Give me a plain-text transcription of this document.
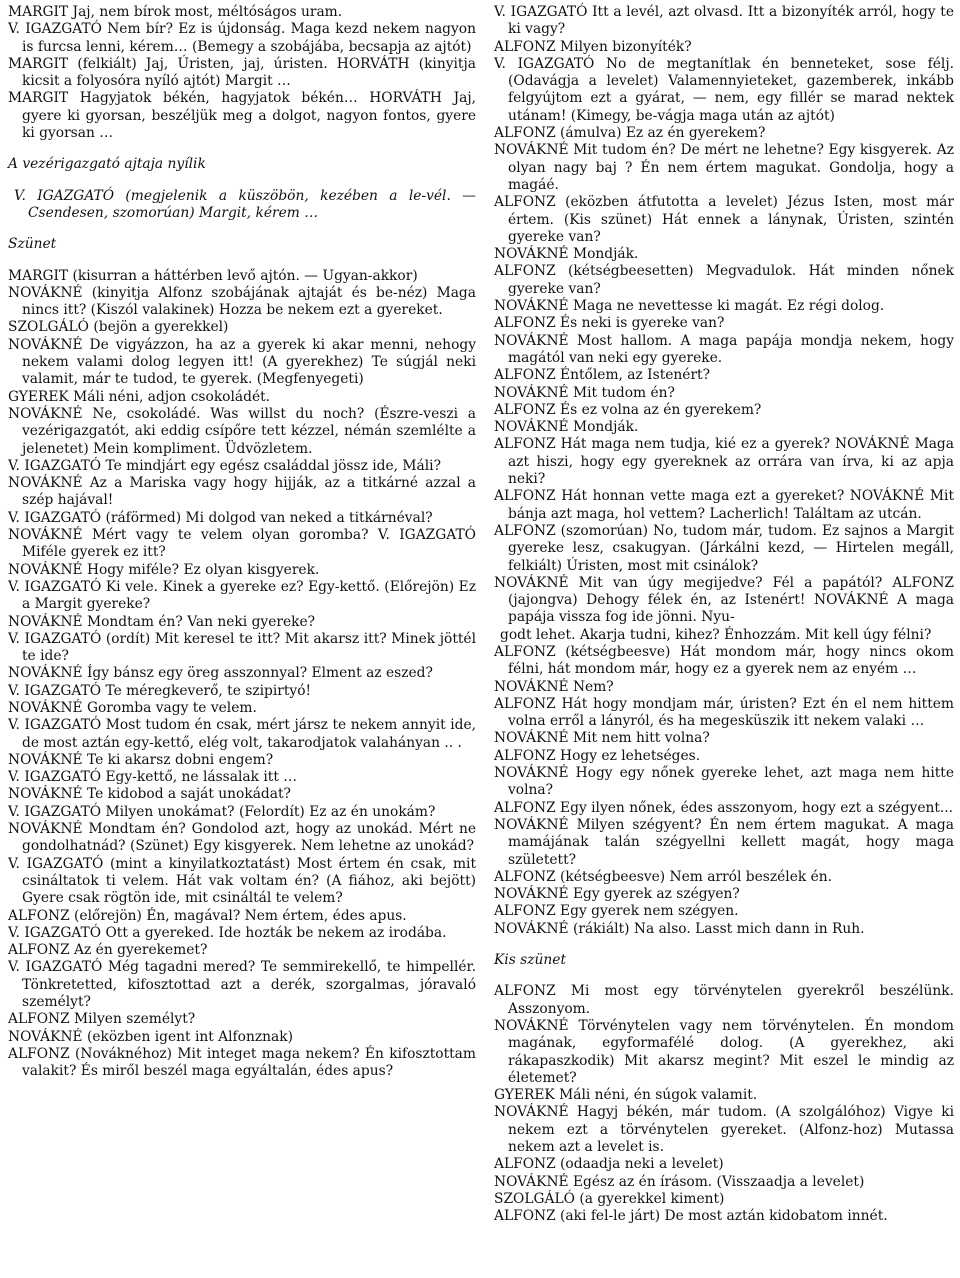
MARGIT Jaj, nem bírok most, méltóságos uram.

V. IGAZGATÓ Nem bír? Ez is újdonság. Maga kezd nekem nagyon is furcsa lenni, kérem… (Bemegy a szobájába, becsapja az ajtót)

MARGIT (felkiált) Jaj, Úristen, jaj, úristen. HORVÁTH (kinyitja kicsit a folyosóra nyíló ajtót) Margit …

MARGIT Hagyjatok békén, hagyjatok békén… HORVÁTH Jaj, gyere ki gyorsan, beszéljük meg a dolgot, nagyon fontos, gyere ki gyorsan …

A vezérigazgató ajtaja nyílik

V. IGAZGATÓ (megjelenik a küszöbön, kezében a le-vél. — Csendesen, szomorúan) Margit, kérem …

Szünet

MARGIT (kisurran a háttérben levő ajtón. — Ugyan-akkor)

NOVÁKNÉ (kinyitja Alfonz szobájának ajtaját és be-néz) Maga nincs itt? (Kiszól valakinek) Hozza be nekem ezt a gyereket.

SZOLGÁLÓ (bejön a gyerekkel)

NOVÁKNÉ De vigyázzon, ha az a gyerek ki akar menni, nehogy nekem valami dolog legyen itt! (A gyerekhez) Te súgjál neki valamit, már te tudod, te gyerek. (Megfenyegeti)

GYEREK Máli néni, adjon csokoládét.

NOVÁKNÉ Ne, csokoládé. Was willst du noch? (Észre-veszi a vezérigazgatót, aki eddig csípőre tett kézzel, némán szemlélte a jelenetet) Mein kompliment. Üdvözletem.

V. IGAZGATÓ Te mindjárt egy egész családdal jössz ide, Máli?

NOVÁKNÉ Az a Mariska vagy hogy hijják, az a titkárné azzal a szép hajával!

V. IGAZGATÓ (ráförmed) Mi dolgod van neked a titkárnéval?

NOVÁKNÉ Mért vagy te velem olyan goromba? V. IGAZGATÓ Miféle gyerek ez itt?

NOVÁKNÉ Hogy miféle? Ez olyan kisgyerek.

V. IGAZGATÓ Ki vele. Kinek a gyereke ez? Egy-kettő. (Előrejön) Ez a Margit gyereke?

NOVÁKNÉ Mondtam én? Van neki gyereke?

V. IGAZGATÓ (ordít) Mit keresel te itt? Mit akarsz itt? Minek jöttél te ide?

NOVÁKNÉ Így bánsz egy öreg asszonnyal? Elment az eszed?

V. IGAZGATÓ Te méregkeverő, te szipirtyó!

NOVÁKNÉ Goromba vagy te velem.

V. IGAZGATÓ Most tudom én csak, mért jársz te nekem annyit ide, de most aztán egy-kettő, elég volt, takarodjatok valahányan .. .

NOVÁKNÉ Te ki akarsz dobni engem?

V. IGAZGATÓ Egy-kettő, ne lássalak itt …

NOVÁKNÉ Te kidobod a saját unokádat?

V. IGAZGATÓ Milyen unokámat? (Felordít) Ez az én unokám?

NOVÁKNÉ Mondtam én? Gondolod azt, hogy az unokád. Mért ne gondolhatnád? (Szünet) Egy kisgyerek. Nem lehetne az unokád?

V. IGAZGATÓ (mint a kinyilatkoztatást) Most értem én csak, mit csináltatok ti velem. Hát vak voltam én? (A fiához, aki bejött) Gyere csak rögtön ide, mit csináltál te velem?

ALFONZ (előrejön) Én, magával? Nem értem, édes apus.

V. IGAZGATÓ Ott a gyereked. Ide hozták be nekem az irodába.

ALFONZ Az én gyerekemet?

V. IGAZGATÓ Még tagadni mered? Te semmirekellő, te himpellér. Tönkretetted, kifosztottad azt a derék, szorgalmas, jóravaló személyt?

ALFONZ Milyen személyt?

NOVÁKNÉ (eközben igent int Alfonznak)

ALFONZ (Nováknéhoz) Mit integet maga nekem? Én kifosztottam valakit? És miről beszél maga egyáltalán, édes apus?

V. IGAZGATÓ Itt a levél, azt olvasd. Itt a bizonyíték arról, hogy te ki vagy?

ALFONZ Milyen bizonyíték?

V. IGAZGATÓ No de megtanítlak én benneteket, sose félj. (Odavágja a levelet) Valamennyieteket, gazemberek, inkább felgyújtom ezt a gyárat, — nem, egy fillér se marad nektek utánam! (Kimegy, be-vágja maga után az ajtót)

ALFONZ (ámulva) Ez az én gyerekem?

NOVÁKNÉ Mit tudom én? De mért ne lehetne? Egy kisgyerek. Az olyan nagy baj ? Én nem értem magukat. Gondolja, hogy a magáé.

ALFONZ (eközben átfutotta a levelet) Jézus Isten, most már értem. (Kis szünet) Hát ennek a lánynak, Úristen, szintén gyereke van?

NOVÁKNÉ Mondják.

ALFONZ (kétségbeesetten) Megvadulok. Hát minden nőnek gyereke van?

NOVÁKNÉ Maga ne nevettesse ki magát. Ez régi dolog.

ALFONZ És neki is gyereke van?

NOVÁKNÉ Most hallom. A maga papája mondja nekem, hogy magától van neki egy gyereke.

ALFONZ Éntőlem, az Istenért?

NOVÁKNÉ Mit tudom én?

ALFONZ És ez volna az én gyerekem?

NOVÁKNÉ Mondják.

ALFONZ Hát maga nem tudja, kié ez a gyerek? NOVÁKNÉ Maga azt hiszi, hogy egy gyereknek az orrára van írva, ki az apja neki?

ALFONZ Hát honnan vette maga ezt a gyereket? NOVÁKNÉ Mit bánja azt maga, hol vettem? Lacherlich! Találtam az utcán.

ALFONZ (szomorúan) No, tudom már, tudom. Ez sajnos a Margit gyereke lesz, csakugyan. (Járkálni kezd, — Hirtelen megáll, felkiált) Úristen, most mit csinálok?

NOVÁKNÉ Mit van úgy megijedve? Fél a papától? ALFONZ (jajongva) Dehogy félek én, az Istenért! NOVÁKNÉ A maga papája vissza fog ide jönni. Nyu-

godt lehet. Akarja tudni, kihez? Énhozzám. Mit kell úgy félni?

ALFONZ (kétségbeesve) Hát mondom már, hogy nincs okom félni, hát mondom már, hogy ez a gyerek nem az enyém …

NOVÁKNÉ Nem?

ALFONZ Hát hogy mondjam már, úristen? Ezt én el nem hittem volna erről a lányról, és ha megesküszik itt nekem valaki …

NOVÁKNÉ Mit nem hitt volna?

ALFONZ Hogy ez lehetséges.

NOVÁKNÉ Hogy egy nőnek gyereke lehet, azt maga nem hitte volna?

ALFONZ Egy ilyen nőnek, édes asszonyom, hogy ezt a szégyent...

NOVÁKNÉ Milyen szégyent? Én nem értem magukat. A maga mamájának talán szégyellni kellett magát, hogy maga született?

ALFONZ (kétségbeesve) Nem arról beszélek én.

NOVÁKNÉ Egy gyerek az szégyen?

ALFONZ Egy gyerek nem szégyen.

NOVÁKNÉ (rákiált) Na also. Lasst mich dann in Ruh.

Kis szünet

ALFONZ Mi most egy törvénytelen gyerekről beszélünk. Asszonyom.

NOVÁKNÉ Törvénytelen vagy nem törvénytelen. Én mondom magának, egyformafélé dolog. (A gyerekhez, aki rákapaszkodik) Mit akarsz megint? Mit eszel le mindig az életemet?

GYEREK Máli néni, én súgok valamit.

NOVÁKNÉ Hagyj békén, már tudom. (A szolgálóhoz) Vigye ki nekem ezt a törvénytelen gyereket. (Alfonz-hoz) Mutassa nekem azt a levelet is.

ALFONZ (odaadja neki a levelet)

NOVÁKNÉ Egész az én írásom. (Visszaadja a levelet)

SZOLGÁLÓ (a gyerekkel kiment)

ALFONZ (aki fel-le járt) De most aztán kidobatom innét.
